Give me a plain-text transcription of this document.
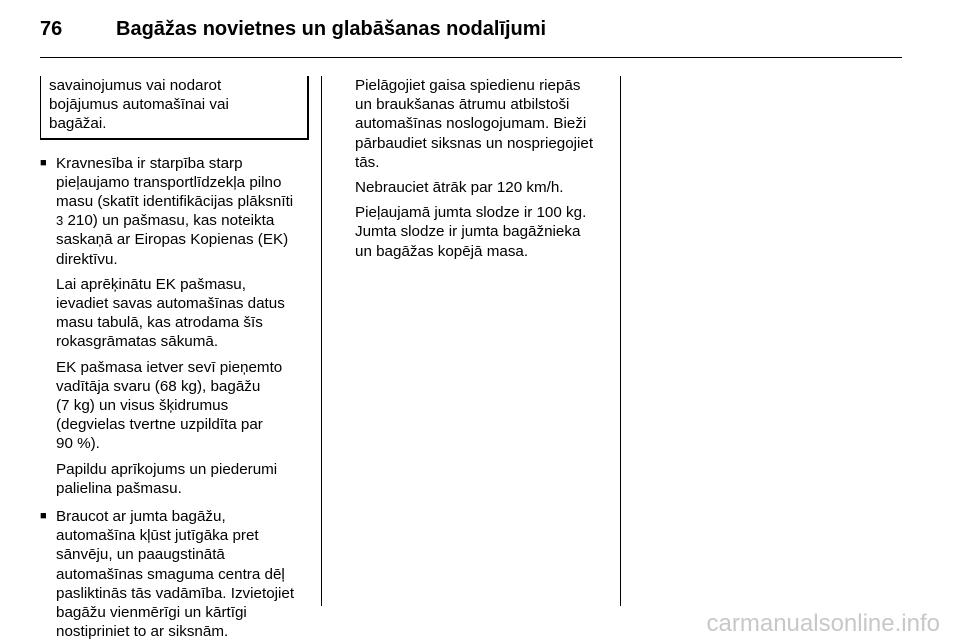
76	Bagāžas novietnes un glabāšanas nodalījumi
savainojumus vai nodarot
bojājumus automašīnai vai
bagāžai.
■ Kravnesība ir starpība starp
pieļaujamo transportlīdzekļa pilno
masu (skatīt identifikācijas plāksnīti
3 210) un pašmasu, kas noteikta
saskaņā ar Eiropas Kopienas (EK)
direktīvu.
Lai aprēķinātu EK pašmasu,
ievadiet savas automašīnas datus
masu tabulā, kas atrodama šīs
rokasgrāmatas sākumā.
EK pašmasa ietver sevī pieņemto
vadītāja svaru (68 kg), bagāžu
(7 kg) un visus šķidrumus
(degvielas tvertne uzpildīta par
90 %).
Papildu aprīkojums un piederumi
palielina pašmasu.
■ Braucot ar jumta bagāžu,
automašīna kļūst jutīgāka pret
sānvēju, un paaugstinātā
automašīnas smaguma centra dēļ
pasliktinās tās vadāmība. Izvietojiet
bagāžu vienmērīgi un kārtīgi
nostipriniet to ar siksnām.
Pielāgojiet gaisa spiedienu riepās
un braukšanas ātrumu atbilstoši
automašīnas noslogojumam. Bieži
pārbaudiet siksnas un nospriegojiet
tās.
Nebrauciet ātrāk par 120 km/h.
Pieļaujamā jumta slodze ir 100 kg.
Jumta slodze ir jumta bagāžnieka
un bagāžas kopējā masa.
carmanualsonline.info
